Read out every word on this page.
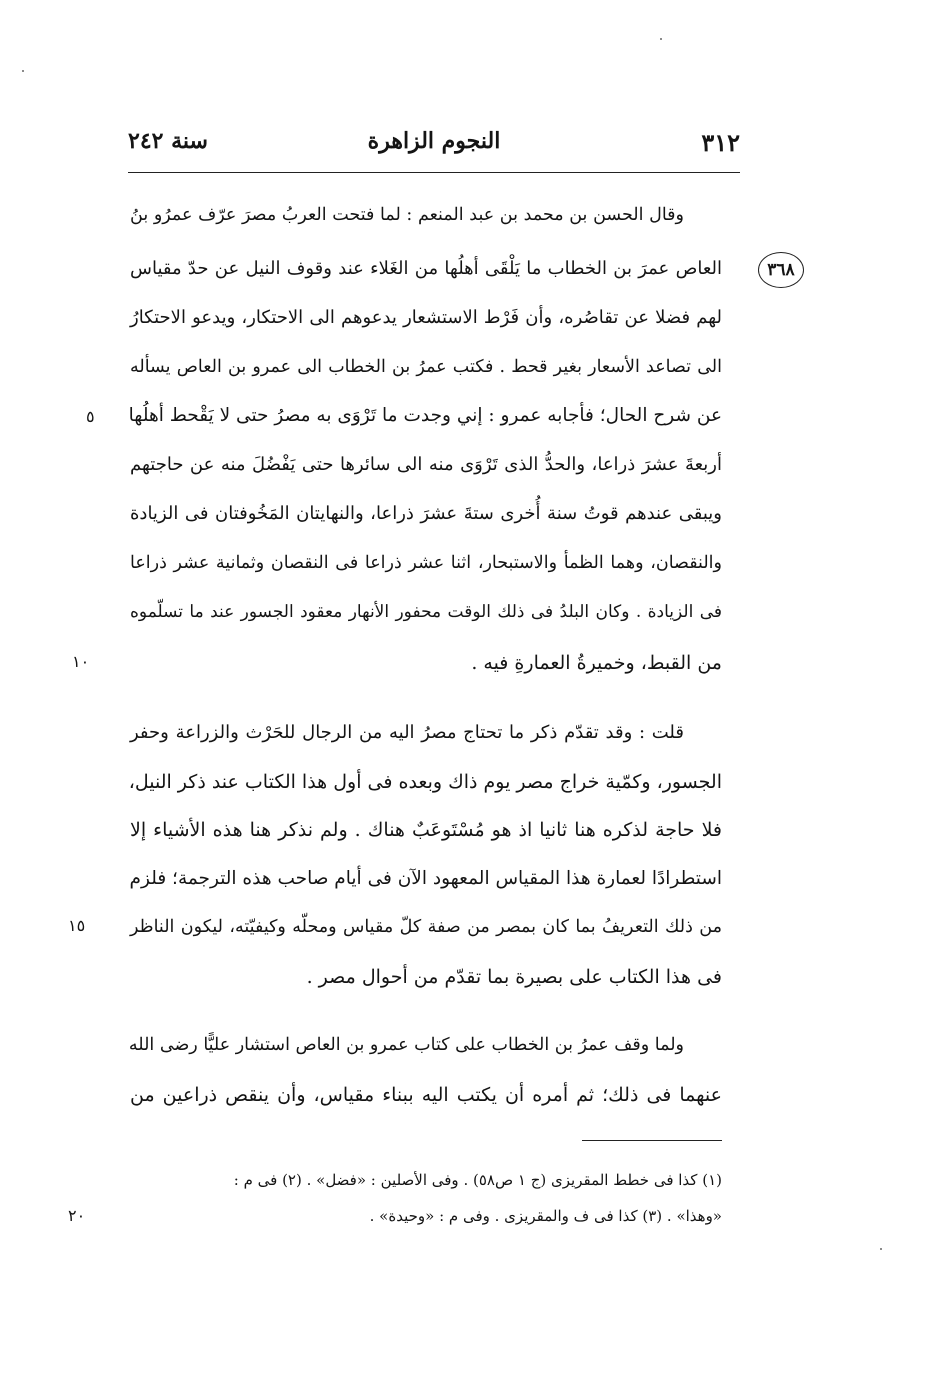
٣١٢
النجوم الزاهرة
سنة ٢٤٢
٣٦٨
وقال الحسن بن محمد بن عبد المنعم : لما فتحت العربُ مصرَ عرّف عمرُو بنُ
العاص عمرَ بن الخطاب ما يَلْقَى أهلُها من الغَلاء عند وقوف النيل عن حدّ مقياس
لهم فضلا عن تقاصُره، وأن فَرْط الاستشعار يدعوهم الى الاحتكار، ويدعو الاحتكارُ
الى تصاعد الأسعار بغير قحط . فكتب عمرُ بن الخطاب الى عمرو بن العاص يسأله
عن شرح الحال؛ فأجابه عمرو : إني وجدت ما تَرْوَى به مصرُ حتى لا يَقْحط أهلُها
أربعةَ عشرَ ذراعا، والحدُّ الذى تَرْوَى منه الى سائرها حتى يَفْضُلَ منه عن حاجتهم
ويبقى عندهم قوتُ سنة أُخرى ستةَ عشرَ ذراعا، والنهايتان المَخُوفتان فى الزيادة
والنقصان، وهما الظمأ والاستبحار، اثنا عشر ذراعا فى النقصان وثمانية عشر ذراعا
فى الزيادة . وكان البلدُ فى ذلك الوقت محفور الأنهار معقود الجسور عند ما تسلّموه
من القبط، وخميرةُ العمارةِ فيه .
قلت : وقد تقدّم ذكر ما تحتاج مصرُ اليه من الرجال للحَرْث والزراعة وحفر
الجسور، وكمّية خراج مصر يوم ذاك وبعده فى أول هذا الكتاب عند ذكر النيل،
فلا حاجة لذكره هنا ثانيا اذ هو مُسْتَوعَبٌ هناك . ولم نذكر هنا هذه الأشياء إلا
استطرادًا لعمارة هذا المقياس المعهود الآن فى أيام صاحب هذه الترجمة؛ فلزم
من ذلك التعريفُ بما كان بمصر من صفة كلّ مقياس ومحلّه وكيفيّته، ليكون الناظر
فى هذا الكتاب على بصيرة بما تقدّم من أحوال مصر .
ولما وقف عمرُ بن الخطاب على كتاب عمرو بن العاص استشار عليًّا رضى الله
عنهما فى ذلك؛ ثم أمره أن يكتب اليه ببناء مقياس، وأن ينقص ذراعين من
٥
١٠
١٥
٢٠
(١) كذا فى خطط المقريزى (ج ١ ص٥٨) . وفى الأصلين : «فضل» . (٢) فى م :
«وهذا» . (٣) كذا فى ف والمقريزى . وفى م : «وحيدة» .
